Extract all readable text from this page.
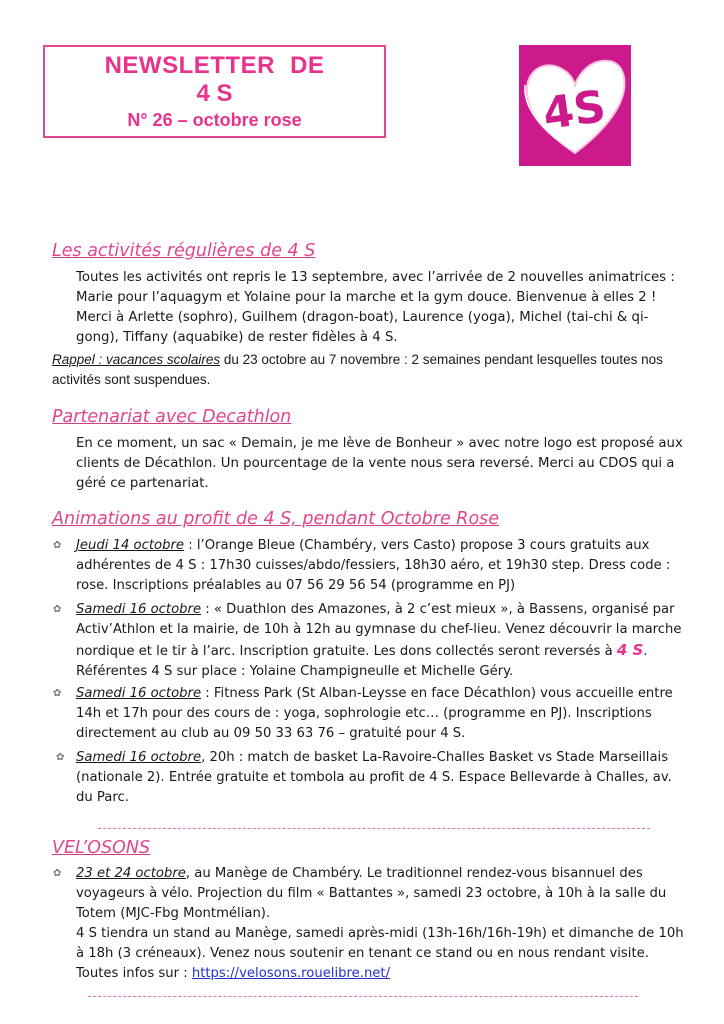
NEWSLETTER DE
4 S
N° 26 – octobre rose	4S
Les activités régulières de 4 S
Toutes les activités ont repris le 13 septembre, avec l’arrivée de 2 nouvelles animatrices : Marie pour l’aquagym et Yolaine pour la marche et la gym douce. Bienvenue à elles 2 ! Merci à Arlette (sophro), Guilhem (dragon-boat), Laurence (yoga), Michel (tai-chi & qi-gong), Tiffany (aquabike) de rester fidèles à 4 S.
Rappel : vacances scolaires du 23 octobre au 7 novembre : 2 semaines pendant lesquelles toutes nos activités sont suspendues.
Partenariat avec Decathlon
En ce moment, un sac « Demain, je me lève de Bonheur » avec notre logo est proposé aux clients de Décathlon. Un pourcentage de la vente nous sera reversé. Merci au CDOS qui a géré ce partenariat.
Animations au profit de 4 S, pendant Octobre Rose
✿ Jeudi 14 octobre : l’Orange Bleue (Chambéry, vers Casto) propose 3 cours gratuits aux adhérentes de 4 S : 17h30 cuisses/abdo/fessiers, 18h30 aéro, et 19h30 step. Dress code : rose. Inscriptions préalables au 07 56 29 56 54 (programme en PJ)
✿ Samedi 16 octobre : « Duathlon des Amazones, à 2 c’est mieux », à Bassens, organisé par Activ’Athlon et la mairie, de 10h à 12h au gymnase du chef-lieu. Venez découvrir la marche nordique et le tir à l’arc. Inscription gratuite. Les dons collectés seront reversés à 4 S. Référentes 4 S sur place : Yolaine Champigneulle et Michelle Géry.
✿ Samedi 16 octobre : Fitness Park (St Alban-Leysse en face Décathlon) vous accueille entre 14h et 17h pour des cours de : yoga, sophrologie etc… (programme en PJ). Inscriptions directement au club au 09 50 33 63 76 – gratuité pour 4 S.
✿ Samedi 16 octobre, 20h : match de basket La-Ravoire-Challes Basket vs Stade Marseillais (nationale 2). Entrée gratuite et tombola au profit de 4 S. Espace Bellevarde à Challes, av. du Parc.
VEL’OSONS
✿ 23 et 24 octobre, au Manège de Chambéry. Le traditionnel rendez-vous bisannuel des voyageurs à vélo. Projection du film « Battantes », samedi 23 octobre, à 10h à la salle du Totem (MJC-Fbg Montmélian).
4 S tiendra un stand au Manège, samedi après-midi (13h-16h/16h-19h) et dimanche de 10h à 18h (3 créneaux). Venez nous soutenir en tenant ce stand ou en nous rendant visite. Toutes infos sur : https://velosons.rouelibre.net/
